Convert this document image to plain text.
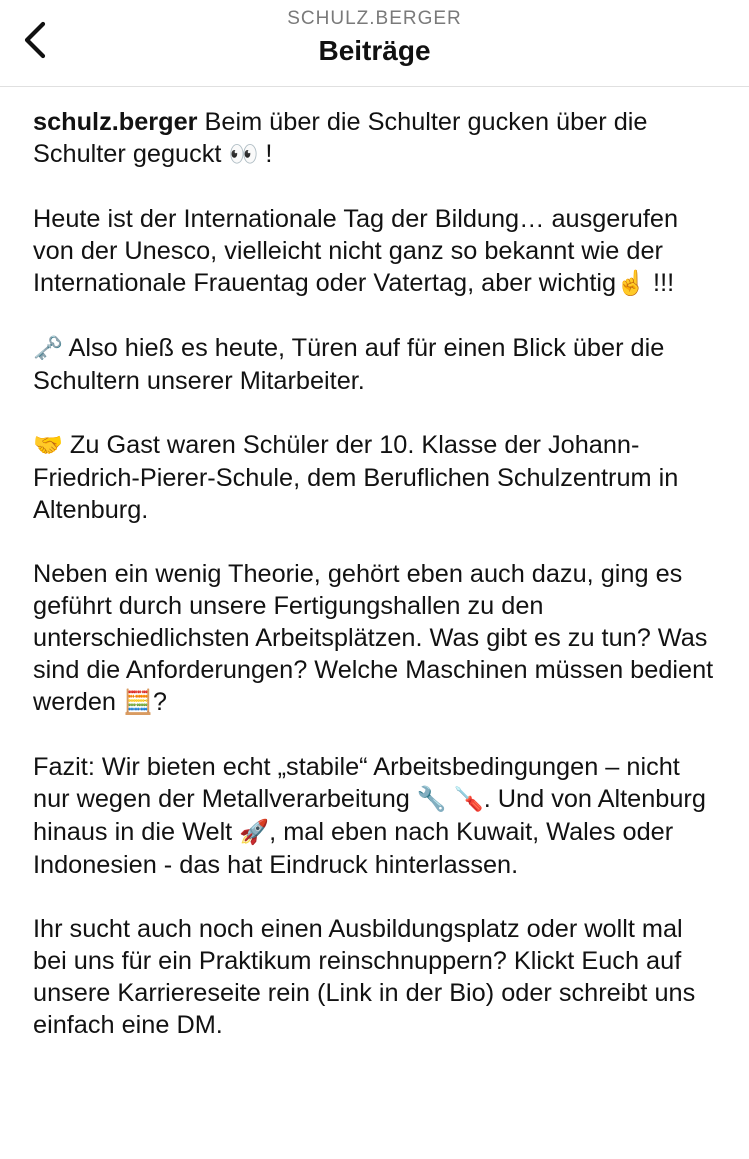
SCHULZ.BERGER
Beiträge

schulz.berger Beim über die Schulter gucken über die Schulter geguckt 👀 !

Heute ist der Internationale Tag der Bildung… ausgerufen von der Unesco, vielleicht nicht ganz so bekannt wie der Internationale Frauentag oder Vatertag, aber wichtig☝️ !!!

🗝️ Also hieß es heute, Türen auf für einen Blick über die Schultern unserer Mitarbeiter.

🤝 Zu Gast waren Schüler der 10. Klasse der Johann-Friedrich-Pierer-Schule, dem Beruflichen Schulzentrum in Altenburg.

Neben ein wenig Theorie, gehört eben auch dazu, ging es geführt durch unsere Fertigungshallen zu den unterschiedlichsten Arbeitsplätzen. Was gibt es zu tun? Was sind die Anforderungen? Welche Maschinen müssen bedient werden 🧮?

Fazit: Wir bieten echt „stabile“ Arbeitsbedingungen – nicht nur wegen der Metallverarbeitung 🔧 🪛. Und von Altenburg hinaus in die Welt 🚀, mal eben nach Kuwait, Wales oder Indonesien - das hat Eindruck hinterlassen.

Ihr sucht auch noch einen Ausbildungsplatz oder wollt mal bei uns für ein Praktikum reinschnuppern? Klickt Euch auf unsere Karriereseite rein (Link in der Bio) oder schreibt uns einfach eine DM.
